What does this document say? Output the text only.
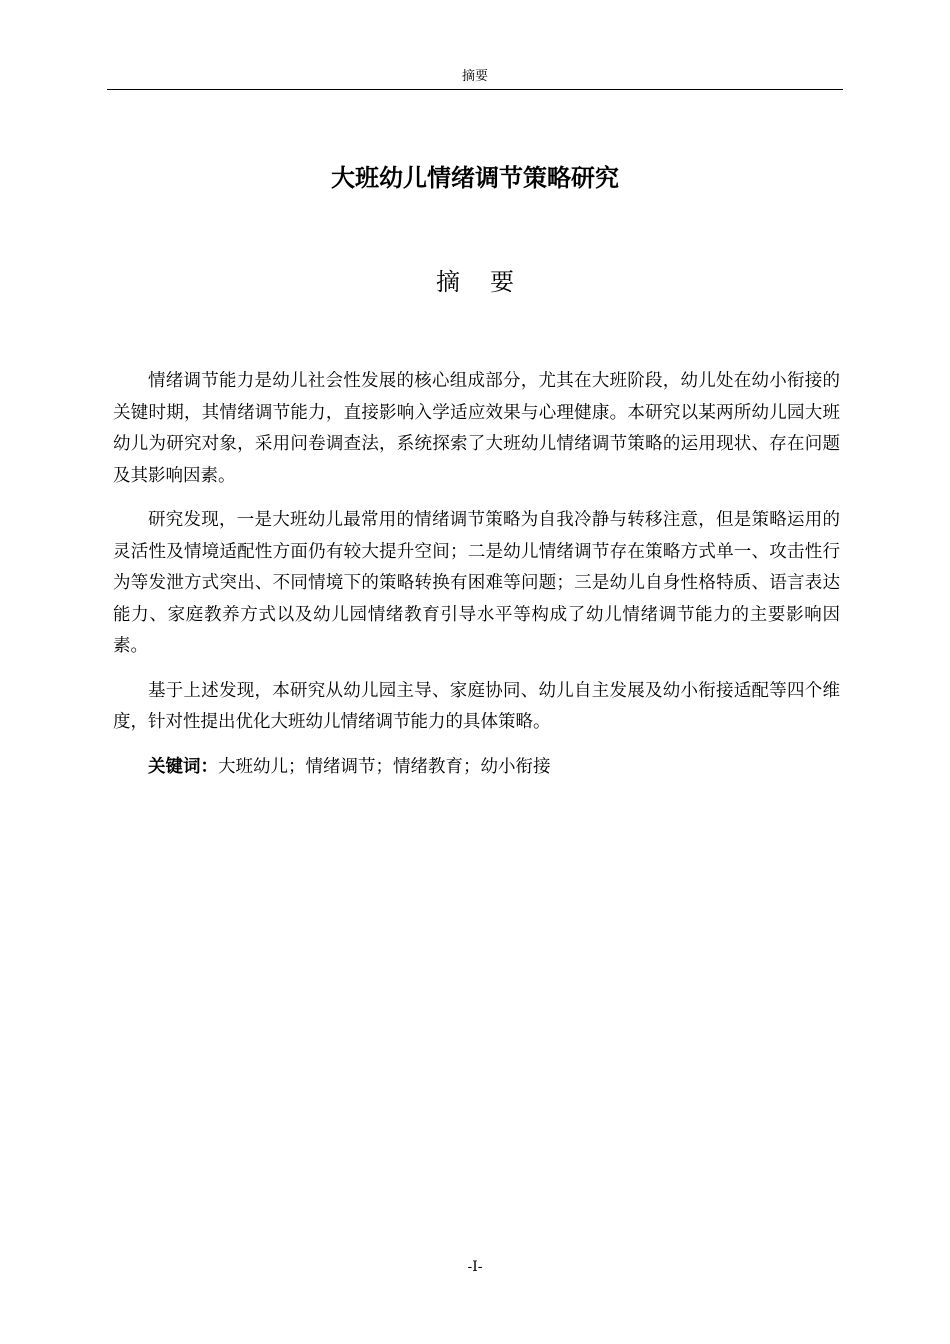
摘要
大班幼儿情绪调节策略研究
摘 要

情绪调节能力是幼儿社会性发展的核心组成部分，尤其在大班阶段，幼儿处在幼小衔接的关键时期，其情绪调节能力，直接影响入学适应效果与心理健康。本研究以某两所幼儿园大班幼儿为研究对象，采用问卷调查法，系统探索了大班幼儿情绪调节策略的运用现状、存在问题及其影响因素。

研究发现，一是大班幼儿最常用的情绪调节策略为自我冷静与转移注意，但是策略运用的灵活性及情境适配性方面仍有较大提升空间；二是幼儿情绪调节存在策略方式单一、攻击性行为等发泄方式突出、不同情境下的策略转换有困难等问题；三是幼儿自身性格特质、语言表达能力、家庭教养方式以及幼儿园情绪教育引导水平等构成了幼儿情绪调节能力的主要影响因素。

基于上述发现，本研究从幼儿园主导、家庭协同、幼儿自主发展及幼小衔接适配等四个维度，针对性提出优化大班幼儿情绪调节能力的具体策略。

关键词：大班幼儿；情绪调节；情绪教育；幼小衔接

-I-
